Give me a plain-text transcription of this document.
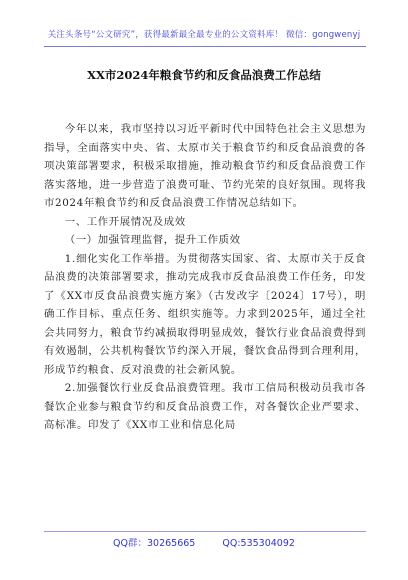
关注头条号“公文研究”，获得最新最全最专业的公文资料库！ 微信：gongwenyj
XX市2024年粮食节约和反食品浪费工作总结

今年以来，我市坚持以习近平新时代中国特色社会主义思想为指导，全面落实中央、省、太原市关于粮食节约和反食品浪费的各项决策部署要求，积极采取措施，推动粮食节约和反食品浪费工作落实落地，进一步营造了浪费可耻、节约光荣的良好氛围。现将我市2024年粮食节约和反食品浪费工作情况总结如下。

一、工作开展情况及成效
（一）加强管理监督，提升工作质效

1.细化实化工作举措。为贯彻落实国家、省、太原市关于反食品浪费的决策部署要求，推动完成我市反食品浪费工作任务，印发了《XX市反食品浪费实施方案》（古发改字〔2024〕17号），明确工作目标、重点任务、组织实施等。力求到2025年，通过全社会共同努力，粮食节约减损取得明显成效，餐饮行业食品浪费得到有效遏制，公共机构餐饮节约深入开展，餐饮食品得到合理利用，形成节约粮食、反对浪费的社会新风貌。

2.加强餐饮行业反食品浪费管理。我市工信局积极动员我市各餐饮企业参与粮食节约和反食品浪费工作，对各餐饮企业严要求、高标准。印发了《XX市工业和信息化局

QQ群：30265665	QQ:535304092
